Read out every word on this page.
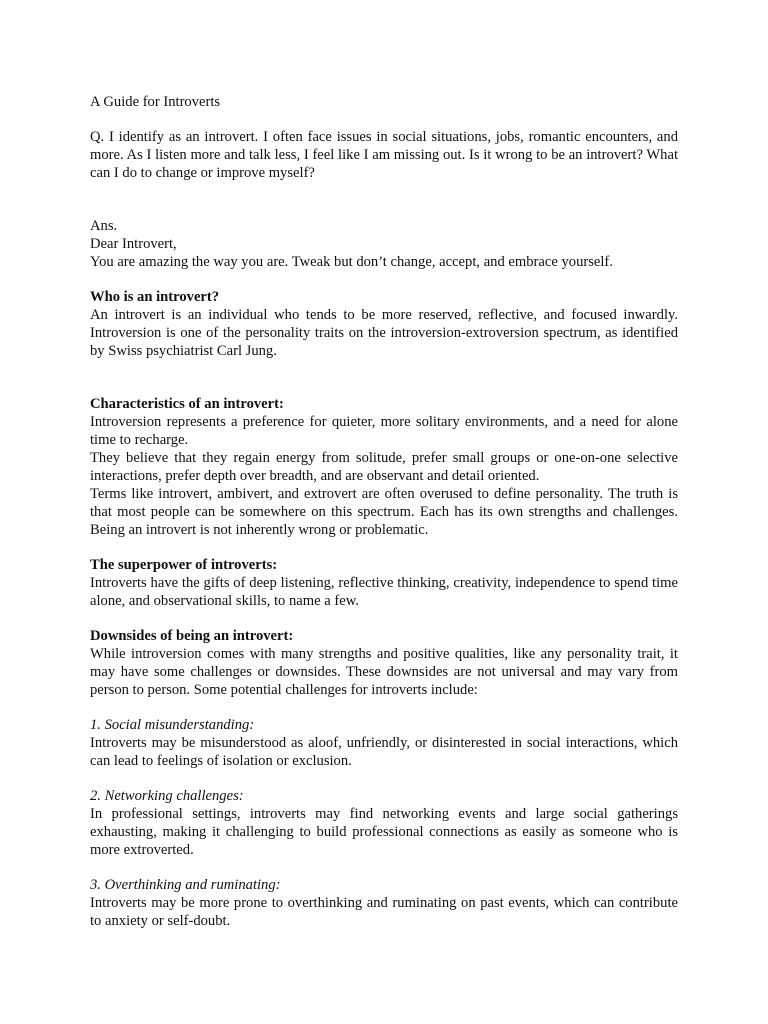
A Guide for Introverts

Q. I identify as an introvert. I often face issues in social situations, jobs, romantic encounters, and more. As I listen more and talk less, I feel like I am missing out. Is it wrong to be an introvert? What can I do to change or improve myself?

Ans.
Dear Introvert,
You are amazing the way you are. Tweak but don’t change, accept, and embrace yourself.
Who is an introvert?

An introvert is an individual who tends to be more reserved, reflective, and focused inwardly. Introversion is one of the personality traits on the introversion-extroversion spectrum, as identified by Swiss psychiatrist Carl Jung.

Characteristics of an introvert:

Introversion represents a preference for quieter, more solitary environments, and a need for alone time to recharge.

They believe that they regain energy from solitude, prefer small groups or one-on-one selective interactions, prefer depth over breadth, and are observant and detail oriented.

Terms like introvert, ambivert, and extrovert are often overused to define personality. The truth is that most people can be somewhere on this spectrum. Each has its own strengths and challenges. Being an introvert is not inherently wrong or problematic.

The superpower of introverts:

Introverts have the gifts of deep listening, reflective thinking, creativity, independence to spend time alone, and observational skills, to name a few.

Downsides of being an introvert:

While introversion comes with many strengths and positive qualities, like any personality trait, it may have some challenges or downsides. These downsides are not universal and may vary from person to person. Some potential challenges for introverts include:

1. Social misunderstanding:

Introverts may be misunderstood as aloof, unfriendly, or disinterested in social interactions, which can lead to feelings of isolation or exclusion.

2. Networking challenges:

In professional settings, introverts may find networking events and large social gatherings exhausting, making it challenging to build professional connections as easily as someone who is more extroverted.

3. Overthinking and ruminating:

Introverts may be more prone to overthinking and ruminating on past events, which can contribute to anxiety or self-doubt.
